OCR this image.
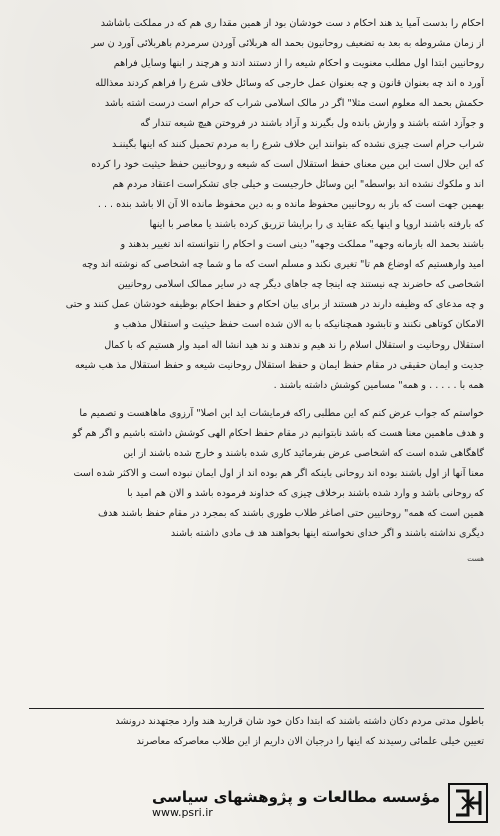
احکام را بدست آمیا ید هند احکام د ست خودشان بود از همین مقدا ری هم که در مملکت باشاشد
از زمان مشروطه به بعد به تضعیف روحانیون بحمد اله هربلائی آوردن سرمردم باهربلائی آورد ن سر
روحانیین ابتدا اول مطلب معنویت و احکام شیعه را از دستند ادند و هرچند ر ابنها وسایل فراهم
آورد ه اند چه بعنوان قانون و چه بعنوان عمل خارجی که وسائل خلاف شرع را فراهم کردند معذالله
حکمش بحمد اله معلوم است مثلا" اگر در مالک اسلامی شراب که حرام است درست اشته باشد
و جوآزد اشته باشند و وازش بانده ول بگیرند و آزاد باشند در فروختن هیچ شیعه تندار گه
شراب حرام است چیزی نشده که بتوانند این خلاف شرع را به مردم تحمیل کنند که اینها بگیننـد
که این حلال است این مین معنای حفظ استقلال است که شیعه و روحانیین حفظ حیثیت خود را کرده
اند و ملکوك نشده اند بواسطه" این وسائل خارجیست و خیلی جای تشکراست اعتقاد مردم هم
بهمین جهت است که باز به روحانیین محفوظ مانده و به دین محفوظ مانده الا آن الا باشد بنده . . .
که بارفته باشند اروپا و اینها یکه عقاید ی را برایشا تزریق کرده باشند یا معاصر با اینها
باشند بحمد اله بازمانه وجهه" مملکت وجهه" دینی است و احکام را نتوانسته اند تغییر بدهند و
امید وارهستیم که اوضاع هم تا" تغیری نکند و مسلم است که ما و شما چه اشخاصی که نوشته اند وچه
اشخاصی که حاضرند چه نیستند چه اینجا چه جاهای دیگر چه در سایر ممالک اسلامی روحانیین
و چه مدعای که وظیفه دارند در هستند از برای بیان احکام و حفظ احکام بوظیفه خودشان عمل کنند و حتی
الامکان کوتاهی نکنند و تابشود همچنانیکه با به الان شده است حفظ حیثیت و استقلال مذهب و
استقلال روحانیت و استقلال اسلام را ند هیم و ندهند و ند هید انشا اله امید وار هستیم که با کمال
جدیت و ایمان حقیقی در مقام حفظ ایمان و حفظ استقلال روحانیت شیعه و حفظ استقلال مذ هب شیعه
همه با . . . . . و همه" مسامین کوشش داشته باشند .
خواستم که جواب عرض کنم که این مطلبی راکه فرمایشات اید این اصلا" آرزوی ماهاهست و تصمیم ما
و هدف ماهمین معنا هست که باشد نابتوانیم در مقام حفظ احکام الهی کوشش داشته باشیم و اگر هم گو
گاهگاهی شده است که اشخاصی عرض بفرمائید کاری شده باشند و خارج شده باشند از این
معنا آنها از اول باشند بوده اند روحانی باینکه اگر هم بوده اند از اول ایمان نبوده است و الاکثر شده است
که روحانی باشد و وارد شده باشند برخلاف چیزی که خداوند فرموده باشد و الان هم امید با
همین است که همه" روحانیین حتی اصاغر طلاب طوری باشند که بمجرد در مقام حفظ باشند هدف
دیگری نداشته باشند و اگر خدای نخواسته اینها بخواهند هد ف مادی داشته باشند
هست
باطول مدتی مردم دکان داشته باشند که ابتدا دکان خود شان قرارید هند وارد مجتهدند درونشد
تعیین خیلی علمائی رسیدند که اینها را درجیان الان داریم از این طلاب معاصرکه معاصرند
مؤسسه مطالعات و پژوهشهای سیاسی
www.psri.ir
